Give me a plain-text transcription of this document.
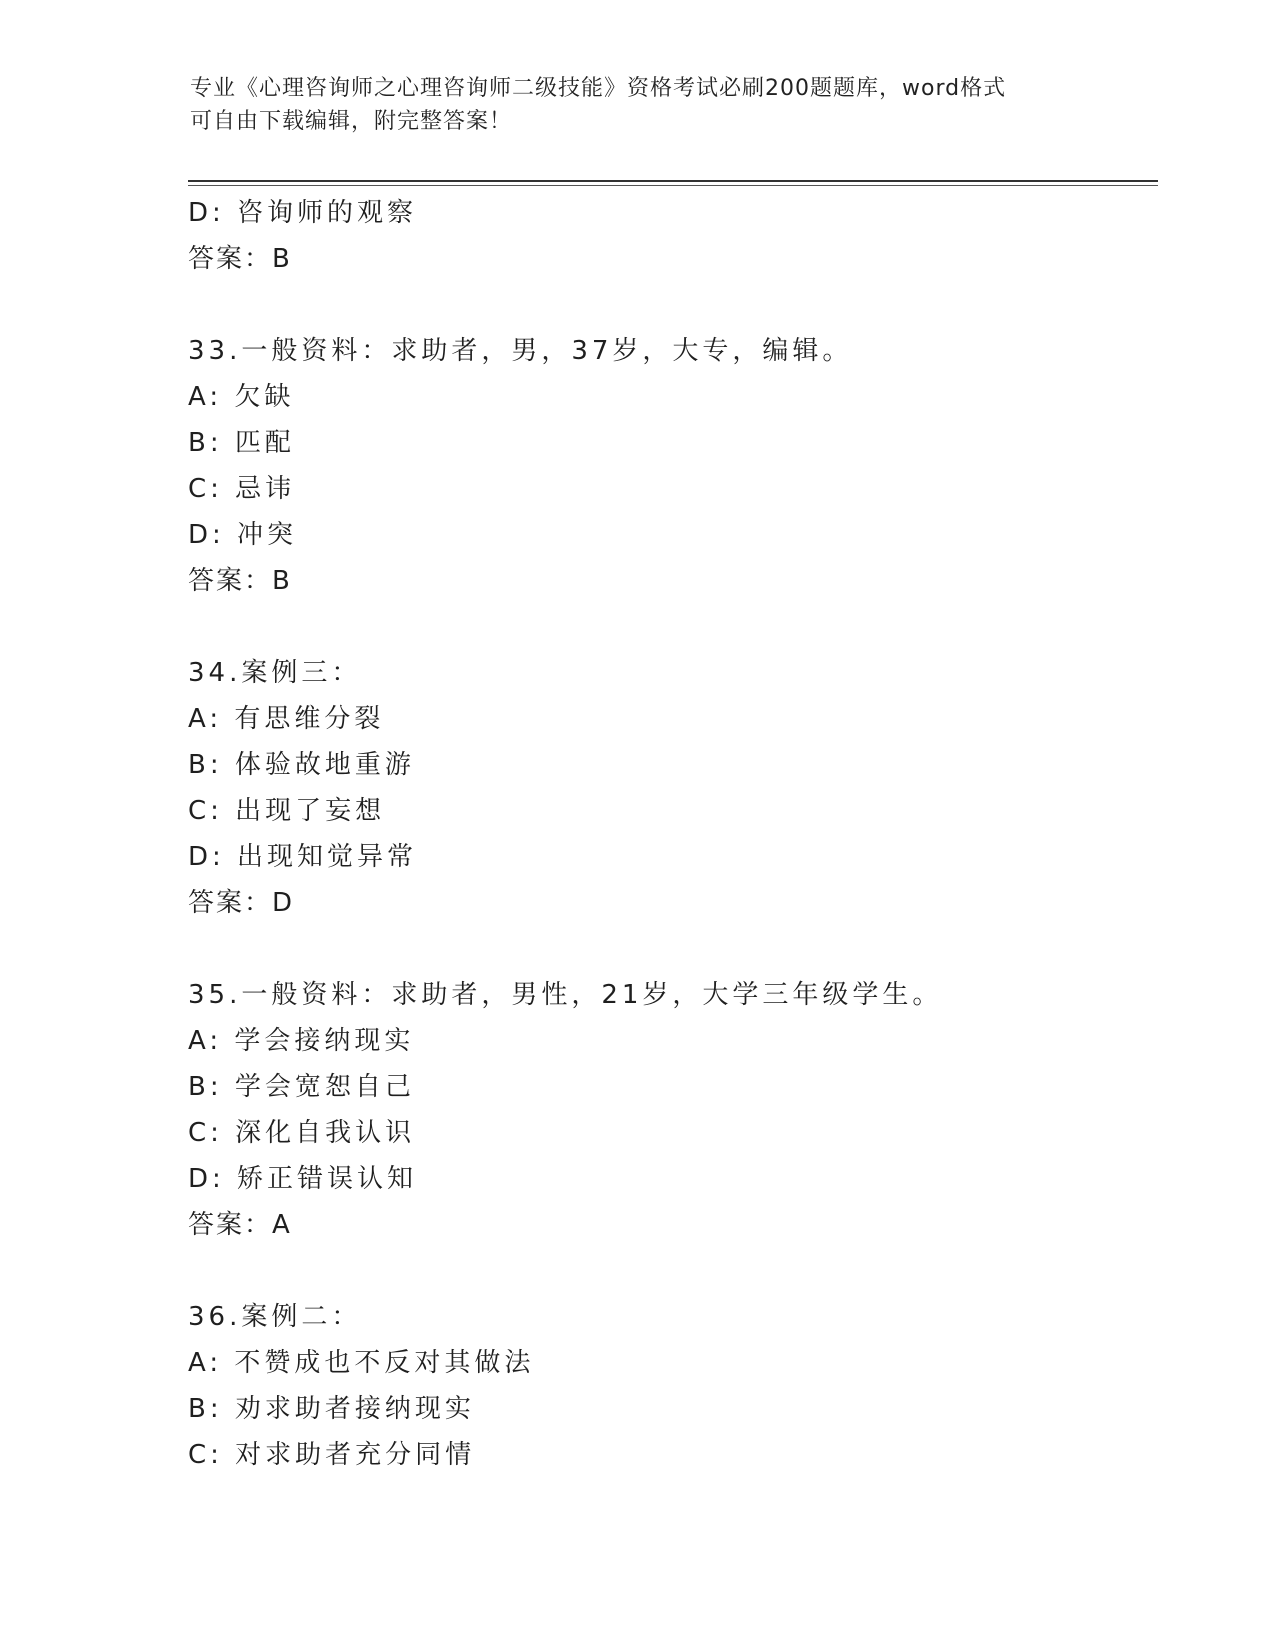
专业《心理咨询师之心理咨询师二级技能》资格考试必刷200题题库，word格式
可自由下载编辑，附完整答案！
D: 咨询师的观察
答案：B
33.一般资料：求助者，男，37岁，大专，编辑。
A: 欠缺
B: 匹配
C: 忌讳
D: 冲突
答案：B
34.案例三：
A: 有思维分裂
B: 体验故地重游
C: 出现了妄想
D: 出现知觉异常
答案：D
35.一般资料：求助者，男性，21岁，大学三年级学生。
A: 学会接纳现实
B: 学会宽恕自己
C: 深化自我认识
D: 矫正错误认知
答案：A
36.案例二：
A: 不赞成也不反对其做法
B: 劝求助者接纳现实
C: 对求助者充分同情
